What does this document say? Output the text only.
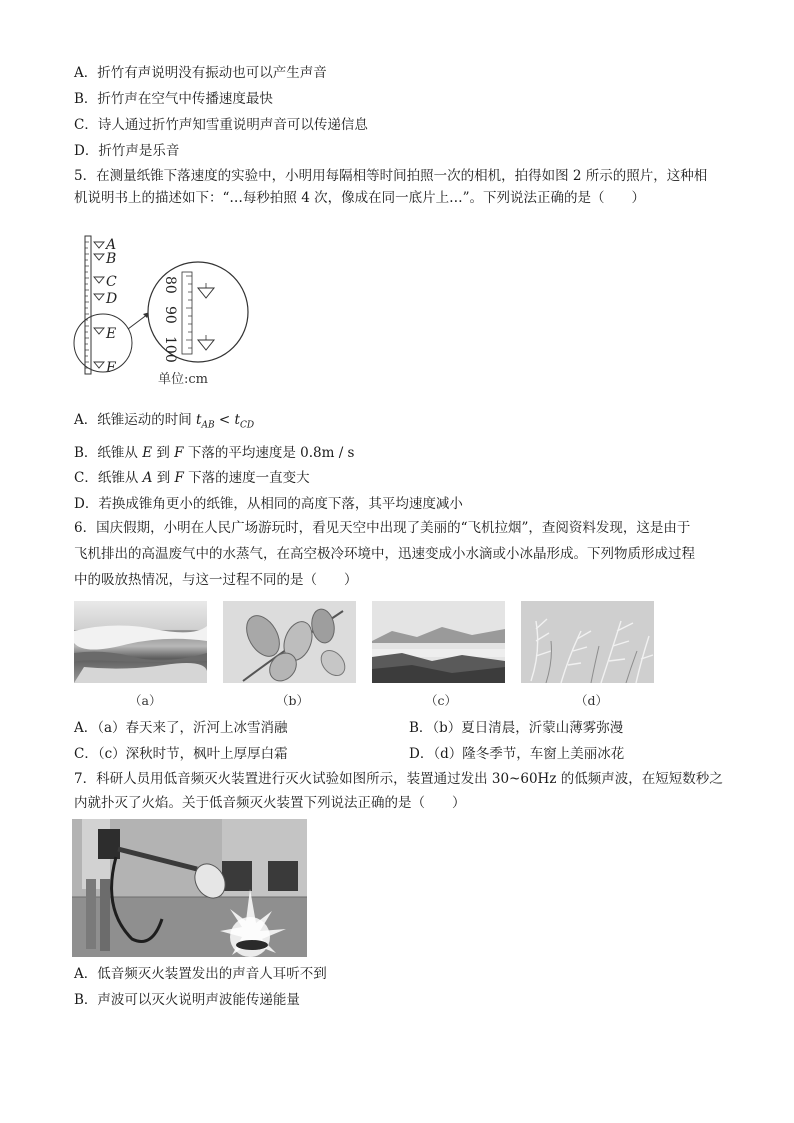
A．折竹有声说明没有振动也可以产生声音
B．折竹声在空气中传播速度最快
C．诗人通过折竹声知雪重说明声音可以传递信息
D．折竹声是乐音
5．在测量纸锥下落速度的实验中，小明用每隔相等时间拍照一次的相机，拍得如图 2 所示的照片，这种相
机说明书上的描述如下：“…每秒拍照 4 次，像成在同一底片上…”。下列说法正确的是（　　）
A
B
C
D
E
F
80
90
100
单位:cm
A．纸锥运动的时间 $t_{AB} < t_{CD}$
B．纸锥从 E 到 F 下落的平均速度是 0.8m / s
C．纸锥从 A 到 F 下落的速度一直变大
D．若换成锥角更小的纸锥，从相同的高度下落，其平均速度减小
6．国庆假期，小明在人民广场游玩时，看见天空中出现了美丽的“飞机拉烟”，查阅资料发现，这是由于
飞机排出的高温废气中的水蒸气，在高空极冷环境中，迅速变成小水滴或小冰晶形成。下列物质形成过程
中的吸放热情况，与这一过程不同的是（　　）
（a）	（b）	（c）	（d）
A．（a）春天来了，沂河上冰雪消融	B．（b）夏日清晨，沂蒙山薄雾弥漫
C．（c）深秋时节，枫叶上厚厚白霜	D．（d）隆冬季节，车窗上美丽冰花
7．科研人员用低音频灭火装置进行灭火试验如图所示，装置通过发出 30~60Hz 的低频声波，在短短数秒之
内就扑灭了火焰。关于低音频灭火装置下列说法正确的是（　　）
A．低音频灭火装置发出的声音人耳听不到
B．声波可以灭火说明声波能传递能量
